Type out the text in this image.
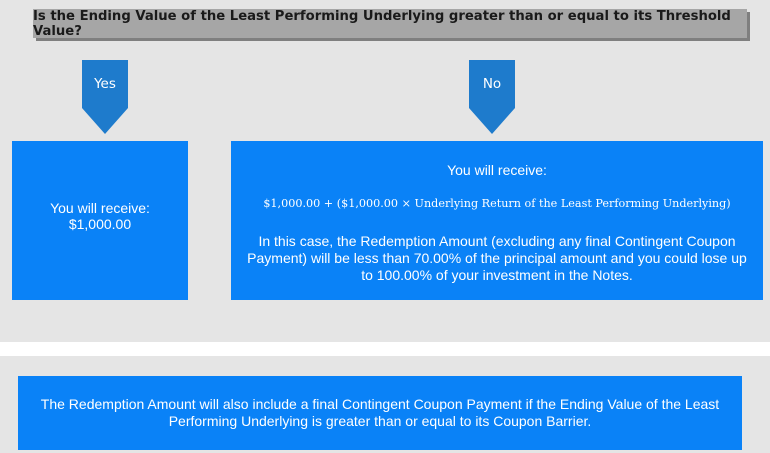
Is the Ending Value of the Least Performing Underlying greater than or equal to its Threshold Value?
Yes	No
You will receive:
$1,000.00
You will receive:
$1,000.00 + ($1,000.00 × Underlying Return of the Least Performing Underlying)
In this case, the Redemption Amount (excluding any final Contingent Coupon Payment) will be less than 70.00% of the principal amount and you could lose up to 100.00% of your investment in the Notes.
The Redemption Amount will also include a final Contingent Coupon Payment if the Ending Value of the Least Performing Underlying is greater than or equal to its Coupon Barrier.
